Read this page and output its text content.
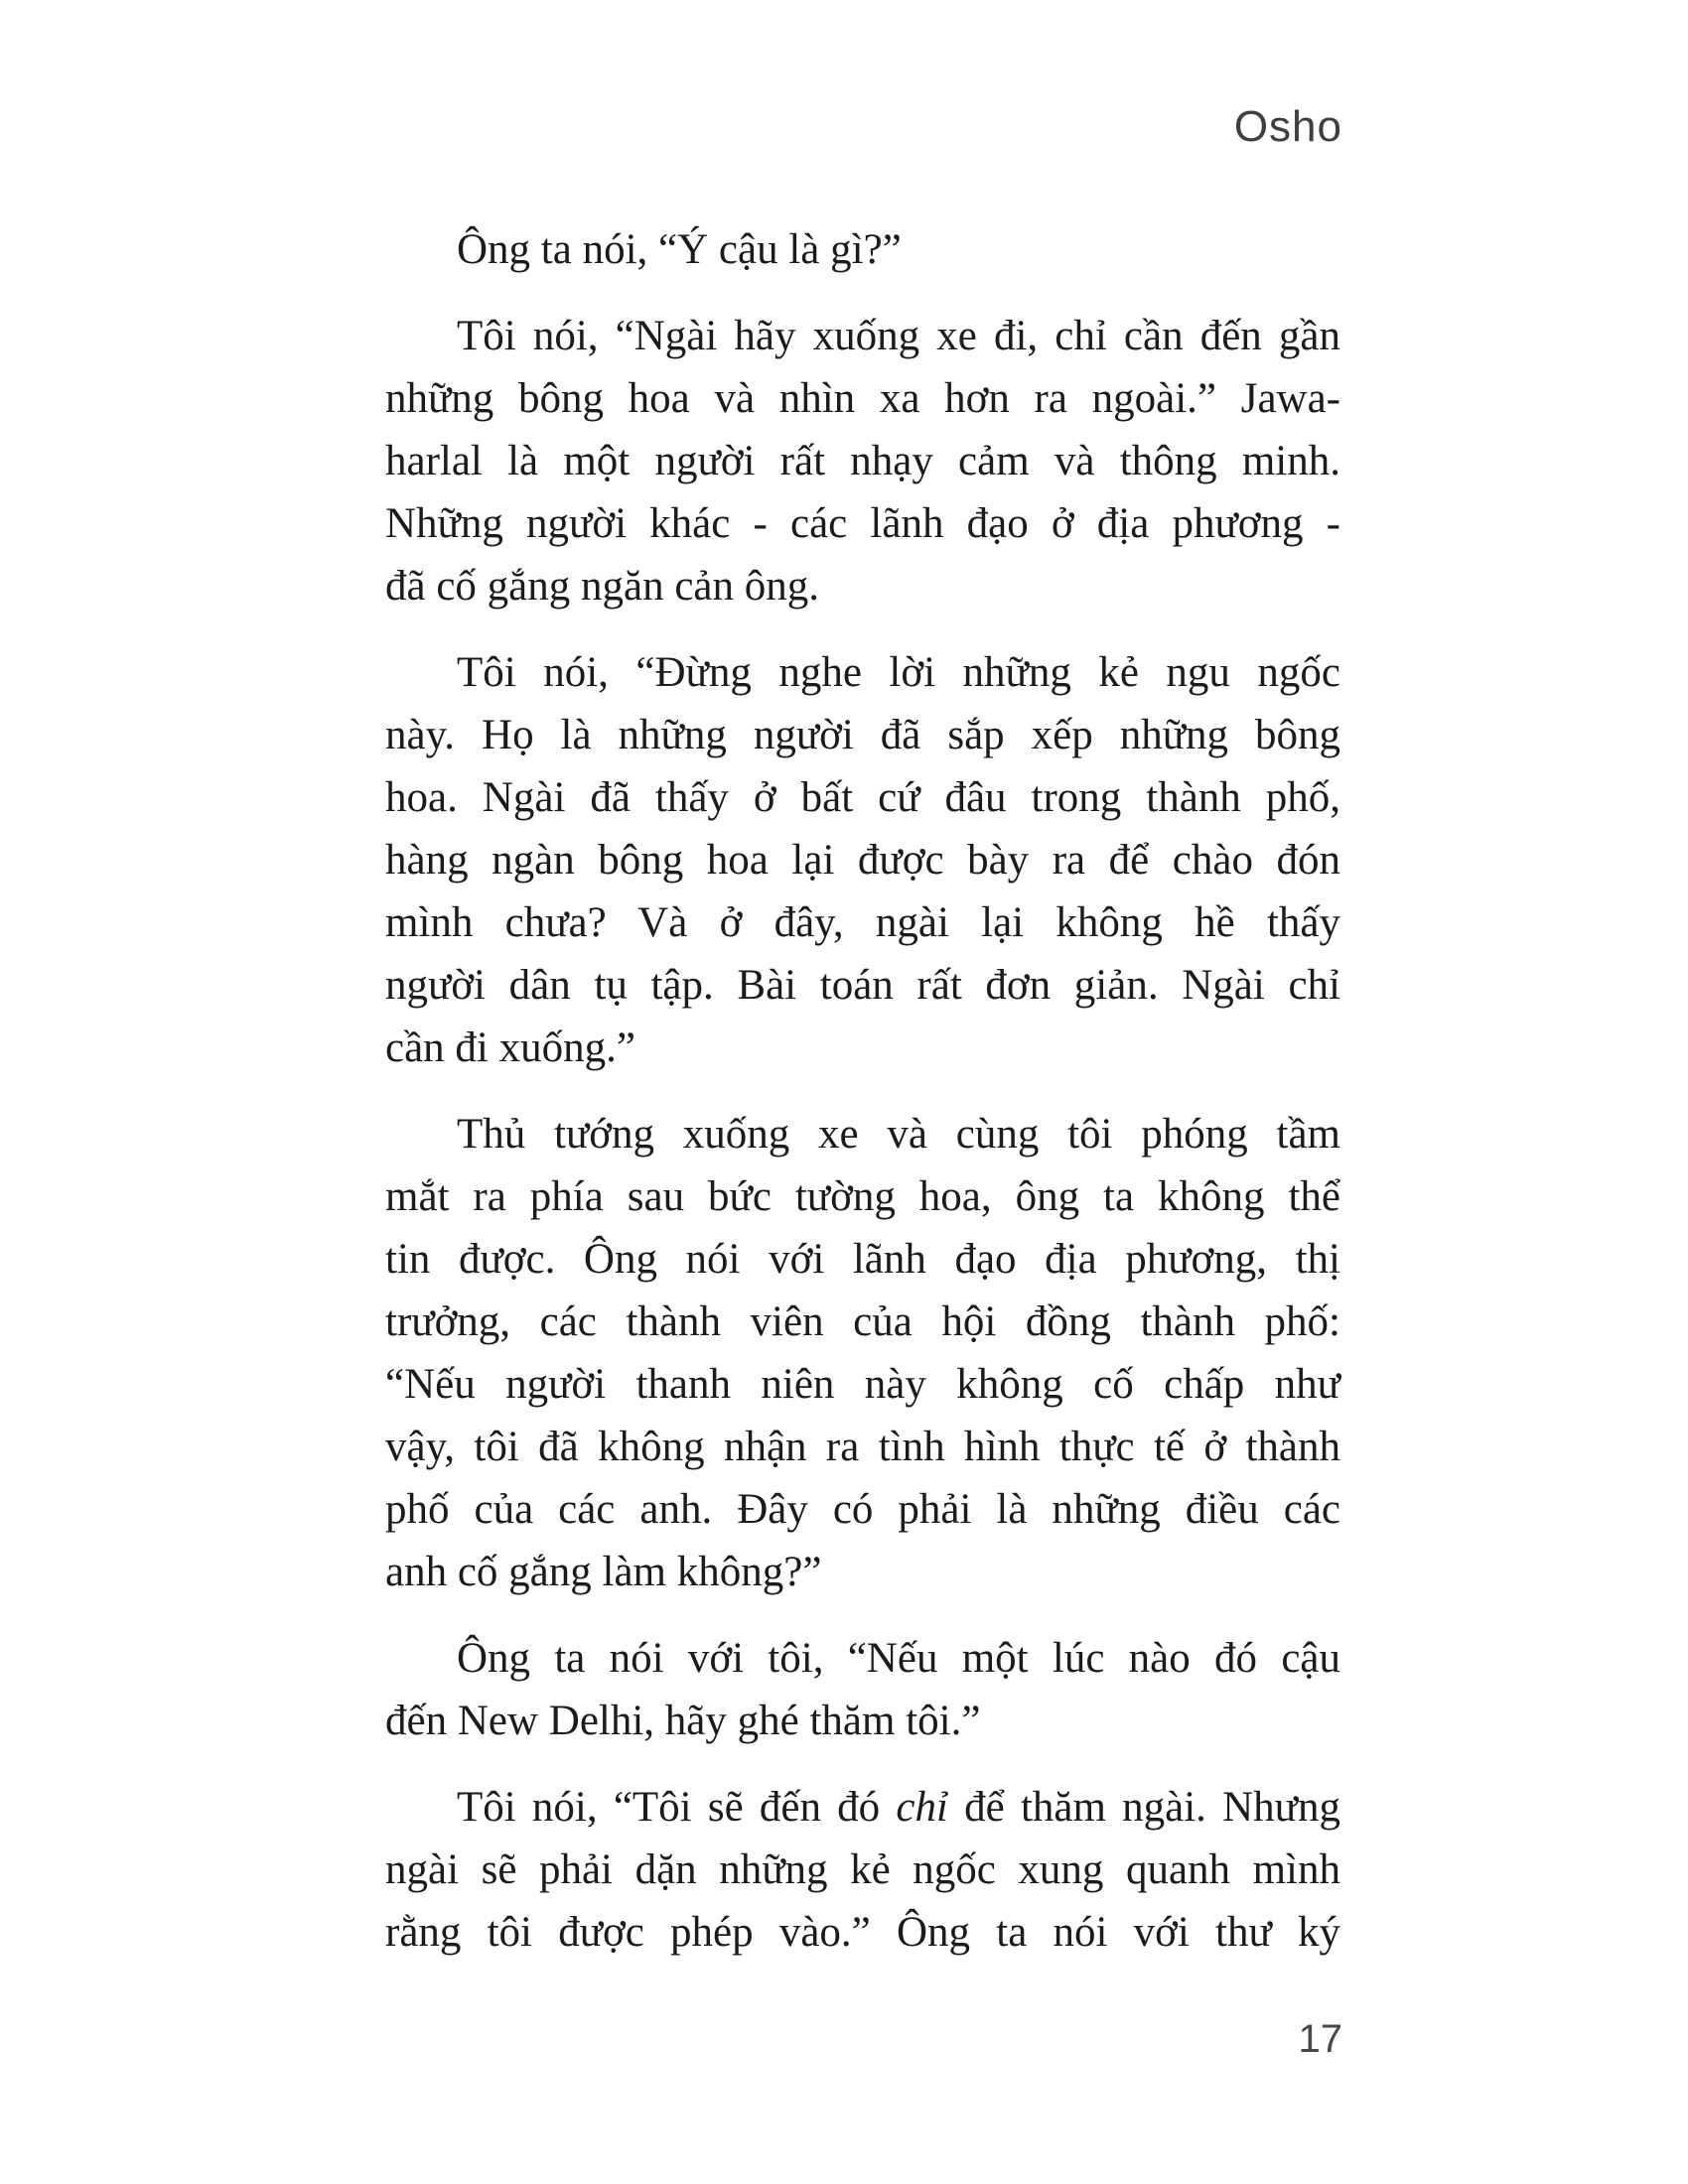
Osho
Ông ta nói, “Ý cậu là gì?”
Tôi nói, “Ngài hãy xuống xe đi, chỉ cần đến gần
những bông hoa và nhìn xa hơn ra ngoài.” Jawa-
harlal là một người rất nhạy cảm và thông minh.
Những người khác - các lãnh đạo ở địa phương -
đã cố gắng ngăn cản ông.
Tôi nói, “Đừng nghe lời những kẻ ngu ngốc
này. Họ là những người đã sắp xếp những bông
hoa. Ngài đã thấy ở bất cứ đâu trong thành phố,
hàng ngàn bông hoa lại được bày ra để chào đón
mình chưa? Và ở đây, ngài lại không hề thấy
người dân tụ tập. Bài toán rất đơn giản. Ngài chỉ
cần đi xuống.”
Thủ tướng xuống xe và cùng tôi phóng tầm
mắt ra phía sau bức tường hoa, ông ta không thể
tin được. Ông nói với lãnh đạo địa phương, thị
trưởng, các thành viên của hội đồng thành phố:
“Nếu người thanh niên này không cố chấp như
vậy, tôi đã không nhận ra tình hình thực tế ở thành
phố của các anh. Đây có phải là những điều các
anh cố gắng làm không?”
Ông ta nói với tôi, “Nếu một lúc nào đó cậu
đến New Delhi, hãy ghé thăm tôi.”
Tôi nói, “Tôi sẽ đến đó chỉ để thăm ngài. Nhưng
ngài sẽ phải dặn những kẻ ngốc xung quanh mình
rằng tôi được phép vào.” Ông ta nói với thư ký
17
